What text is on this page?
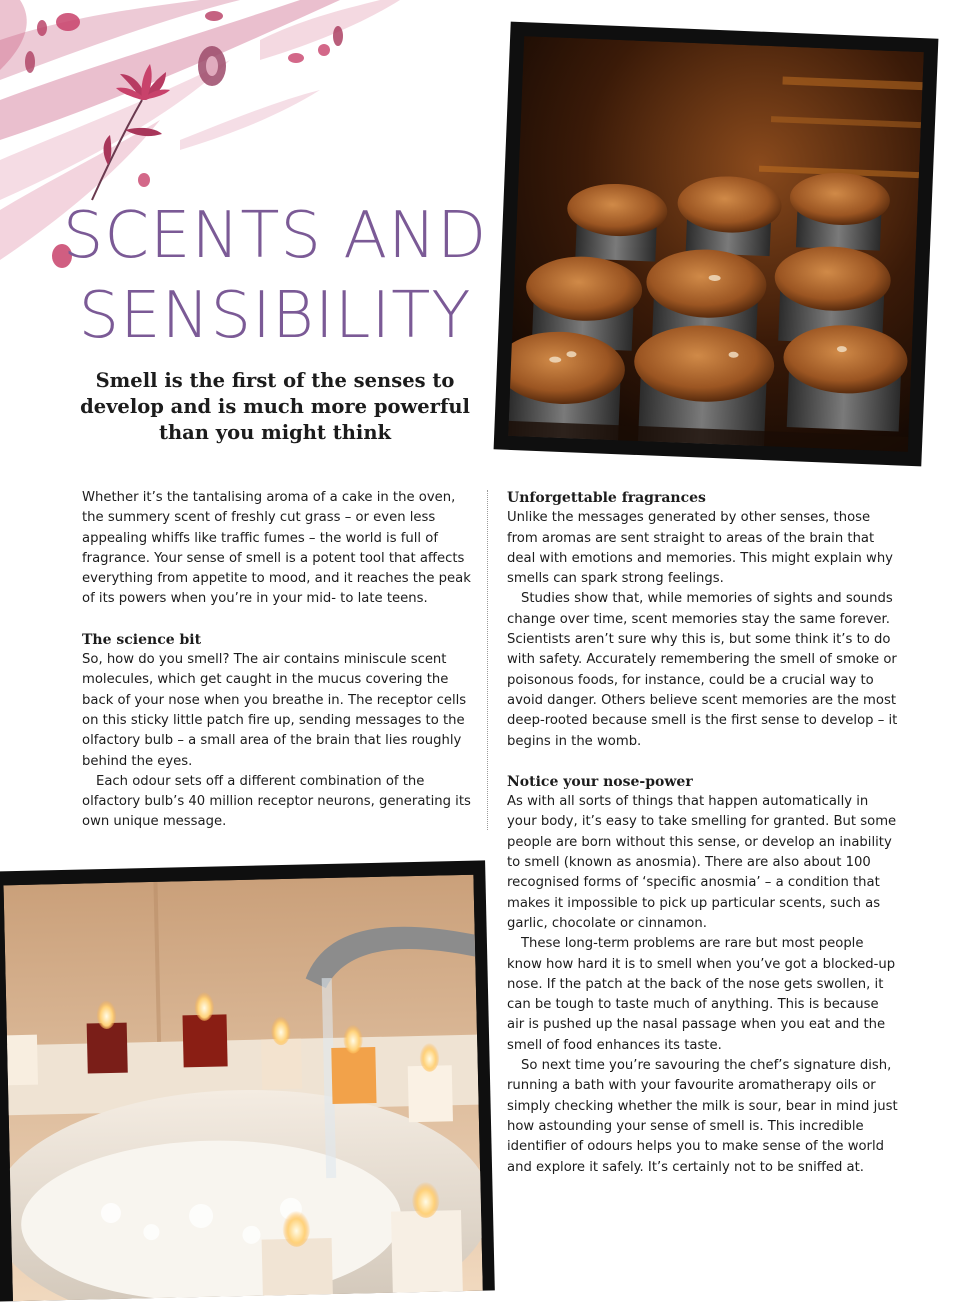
SCENTS AND
SENSIBILITY

Smell is the first of the senses to develop and is much more powerful than you might think

Whether it’s the tantalising aroma of a cake in the oven, the summery scent of freshly cut grass – or even less appealing whiffs like traffic fumes – the world is full of fragrance. Your sense of smell is a potent tool that affects everything from appetite to mood, and it reaches the peak of its powers when you’re in your mid- to late teens.

The science bit

So, how do you smell? The air contains miniscule scent molecules, which get caught in the mucus covering the back of your nose when you breathe in. The receptor cells on this sticky little patch fire up, sending messages to the olfactory bulb – a small area of the brain that lies roughly behind the eyes.

Each odour sets off a different combination of the olfactory bulb’s 40 million receptor neurons, generating its own unique message.

Unforgettable fragrances

Unlike the messages generated by other senses, those from aromas are sent straight to areas of the brain that deal with emotions and memories. This might explain why smells can spark strong feelings.

Studies show that, while memories of sights and sounds change over time, scent memories stay the same forever. Scientists aren’t sure why this is, but some think it’s to do with safety. Accurately remembering the smell of smoke or poisonous foods, for instance, could be a crucial way to avoid danger. Others believe scent memories are the most deep-rooted because smell is the first sense to develop – it begins in the womb.

Notice your nose-power

As with all sorts of things that happen automatically in your body, it’s easy to take smelling for granted. But some people are born without this sense, or develop an inability to smell (known as anosmia). There are also about 100 recognised forms of ‘specific anosmia’ – a condition that makes it impossible to pick up particular scents, such as garlic, chocolate or cinnamon.

These long-term problems are rare but most people know how hard it is to smell when you’ve got a blocked-up nose. If the patch at the back of the nose gets swollen, it can be tough to taste much of anything. This is because air is pushed up the nasal passage when you eat and the smell of food enhances its taste.

So next time you’re savouring the chef’s signature dish, running a bath with your favourite aromatherapy oils or simply checking whether the milk is sour, bear in mind just how astounding your sense of smell is. This incredible identifier of odours helps you to make sense of the world and explore it safely. It’s certainly not to be sniffed at.
